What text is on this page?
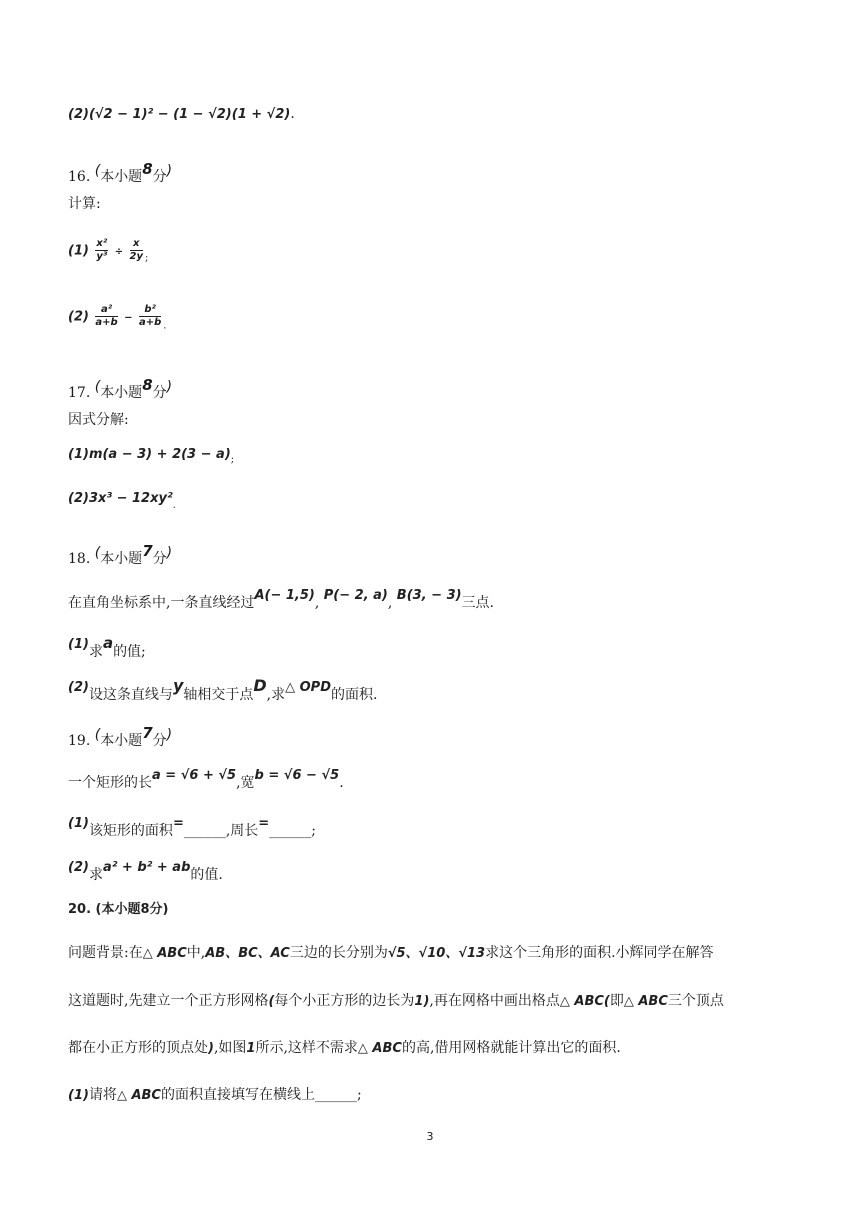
(2)(√2 − 1)² − (1 − √2)(1 + √2).
16. (本小题8分)
计算:
$(1) \frac{\text{x²}}{\text{y³}} \div \frac{x}{2y} _;$
$(2) \frac{\text{a²}}{a+b} - \frac{\text{b²}}{a+b} _.$
17. (本小题8分)
因式分解:
$(1)m(a - 3) + 2(3 - a)_;$
$(2)3x^3 - 12xy^2_.$
18. (本小题7分)
在直角坐标系中,一条直线经过A(− 1,5), P(− 2, a), B(3, − 3)三点.
(1)求a的值;
(2)设这条直线与y轴相交于点D,求△ OPD的面积.
19. (本小题7分)
一个矩形的长a = √6 + √5,宽b = √6 − √5.
(1)该矩形的面积=______,周长=______;
(2)求a² + b² + ab的值.
20. (本小题8分)
问题背景:在△ ABC中,AB、BC、AC三边的长分别为√5、√10、√13求这个三角形的面积.小辉同学在解答
这道题时,先建立一个正方形网格(每个小正方形的边长为1),再在网格中画出格点△ ABC(即△ ABC三个顶点
都在小正方形的顶点处),如图1所示,这样不需求△ ABC的高,借用网格就能计算出它的面积.
(1)请将△ ABC的面积直接填写在横线上______;
3
